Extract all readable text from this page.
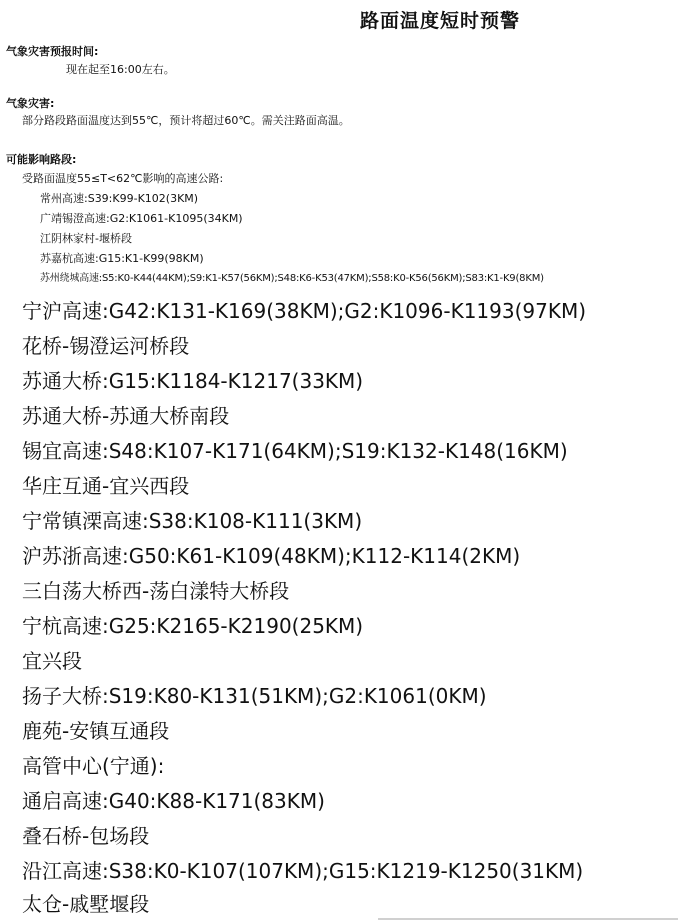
路面温度短时预警
气象灾害预报时间:
现在起至16:00左右。
气象灾害:
部分路段路面温度达到55℃，预计将超过60℃。需关注路面高温。
可能影响路段:
受路面温度55≤T<62℃影响的高速公路:
常州高速:S39:K99-K102(3KM)
广靖锡澄高速:G2:K1061-K1095(34KM)
江阴林家村-堰桥段
苏嘉杭高速:G15:K1-K99(98KM)
苏州绕城高速:S5:K0-K44(44KM);S9:K1-K57(56KM);S48:K6-K53(47KM);S58:K0-K56(56KM);S83:K1-K9(8KM)
宁沪高速:G42:K131-K169(38KM);G2:K1096-K1193(97KM)
花桥-锡澄运河桥段
苏通大桥:G15:K1184-K1217(33KM)
苏通大桥-苏通大桥南段
锡宜高速:S48:K107-K171(64KM);S19:K132-K148(16KM)
华庄互通-宜兴西段
宁常镇溧高速:S38:K108-K111(3KM)
沪苏浙高速:G50:K61-K109(48KM);K112-K114(2KM)
三白荡大桥西-荡白漾特大桥段
宁杭高速:G25:K2165-K2190(25KM)
宜兴段
扬子大桥:S19:K80-K131(51KM);G2:K1061(0KM)
鹿苑-安镇互通段
高管中心(宁通):
通启高速:G40:K88-K171(83KM)
叠石桥-包场段
沿江高速:S38:K0-K107(107KM);G15:K1219-K1250(31KM)
太仓-戚墅堰段
